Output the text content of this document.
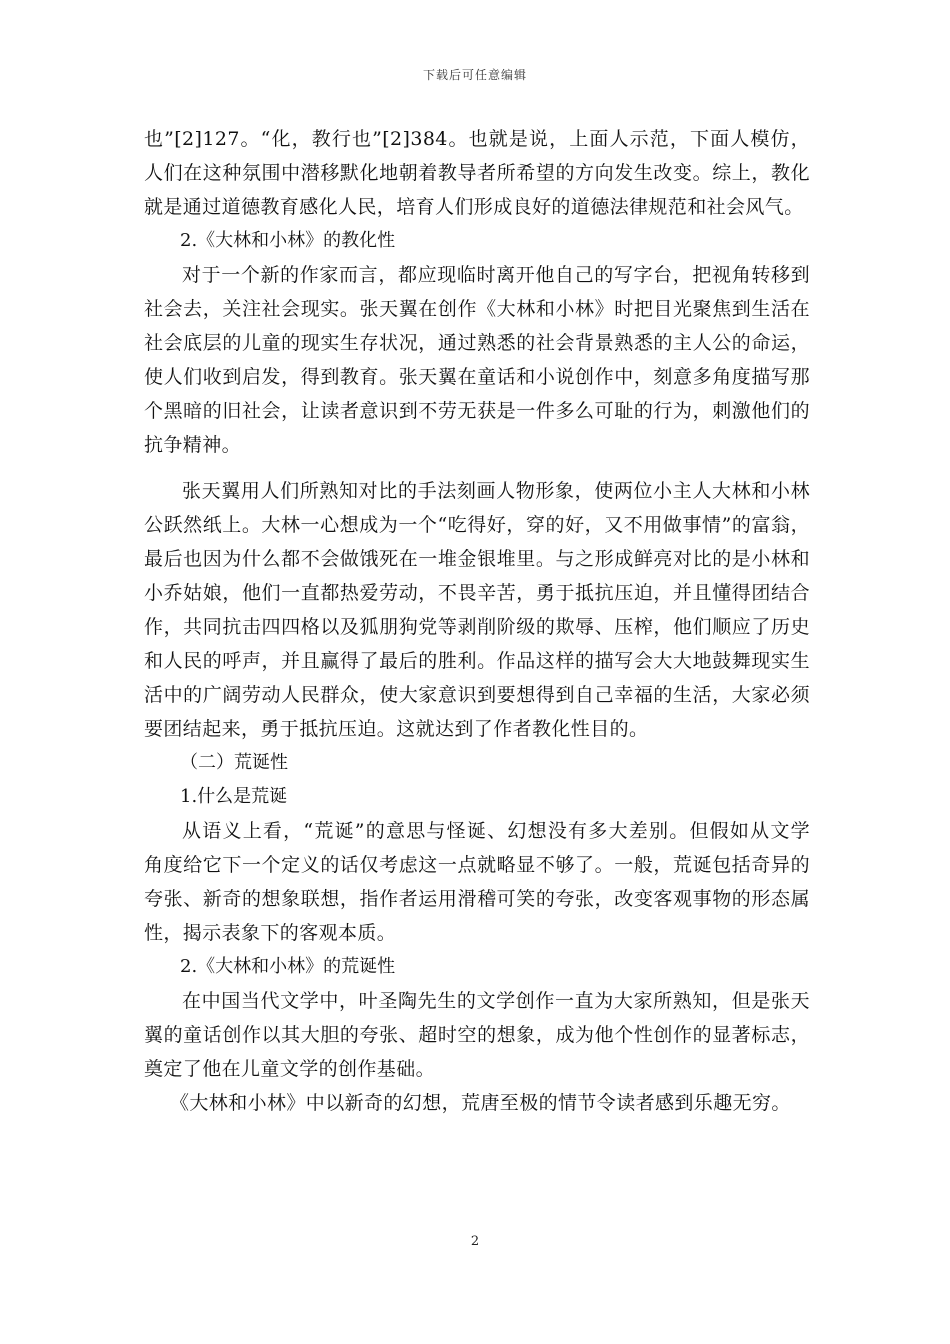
下载后可任意编辑
也”[2]127。“化，教行也”[2]384。也就是说，上面人示范，下面人模仿，
人们在这种氛围中潜移默化地朝着教导者所希望的方向发生改变。综上，教化
就是通过道德教育感化人民，培育人们形成良好的道德法律规范和社会风气。
2.《大林和小林》的教化性
对于一个新的作家而言，都应现临时离开他自己的写字台，把视角转移到
社会去，关注社会现实。张天翼在创作《大林和小林》时把目光聚焦到生活在
社会底层的儿童的现实生存状况，通过熟悉的社会背景熟悉的主人公的命运，
使人们收到启发，得到教育。张天翼在童话和小说创作中，刻意多角度描写那
个黑暗的旧社会，让读者意识到不劳无获是一件多么可耻的行为，刺激他们的
抗争精神。
张天翼用人们所熟知对比的手法刻画人物形象，使两位小主人大林和小林
公跃然纸上。大林一心想成为一个“吃得好，穿的好，又不用做事情”的富翁，
最后也因为什么都不会做饿死在一堆金银堆里。与之形成鲜亮对比的是小林和
小乔姑娘，他们一直都热爱劳动，不畏辛苦，勇于抵抗压迫，并且懂得团结合
作，共同抗击四四格以及狐朋狗党等剥削阶级的欺辱、压榨，他们顺应了历史
和人民的呼声，并且赢得了最后的胜利。作品这样的描写会大大地鼓舞现实生
活中的广阔劳动人民群众，使大家意识到要想得到自己幸福的生活，大家必须
要团结起来，勇于抵抗压迫。这就达到了作者教化性目的。
（二）荒诞性
1.什么是荒诞
从语义上看，“荒诞”的意思与怪诞、幻想没有多大差别。但假如从文学
角度给它下一个定义的话仅考虑这一点就略显不够了。一般，荒诞包括奇异的
夸张、新奇的想象联想，指作者运用滑稽可笑的夸张，改变客观事物的形态属
性，揭示表象下的客观本质。
2.《大林和小林》的荒诞性
在中国当代文学中，叶圣陶先生的文学创作一直为大家所熟知，但是张天
翼的童话创作以其大胆的夸张、超时空的想象，成为他个性创作的显著标志，
奠定了他在儿童文学的创作基础。
《大林和小林》中以新奇的幻想，荒唐至极的情节令读者感到乐趣无穷。
2
